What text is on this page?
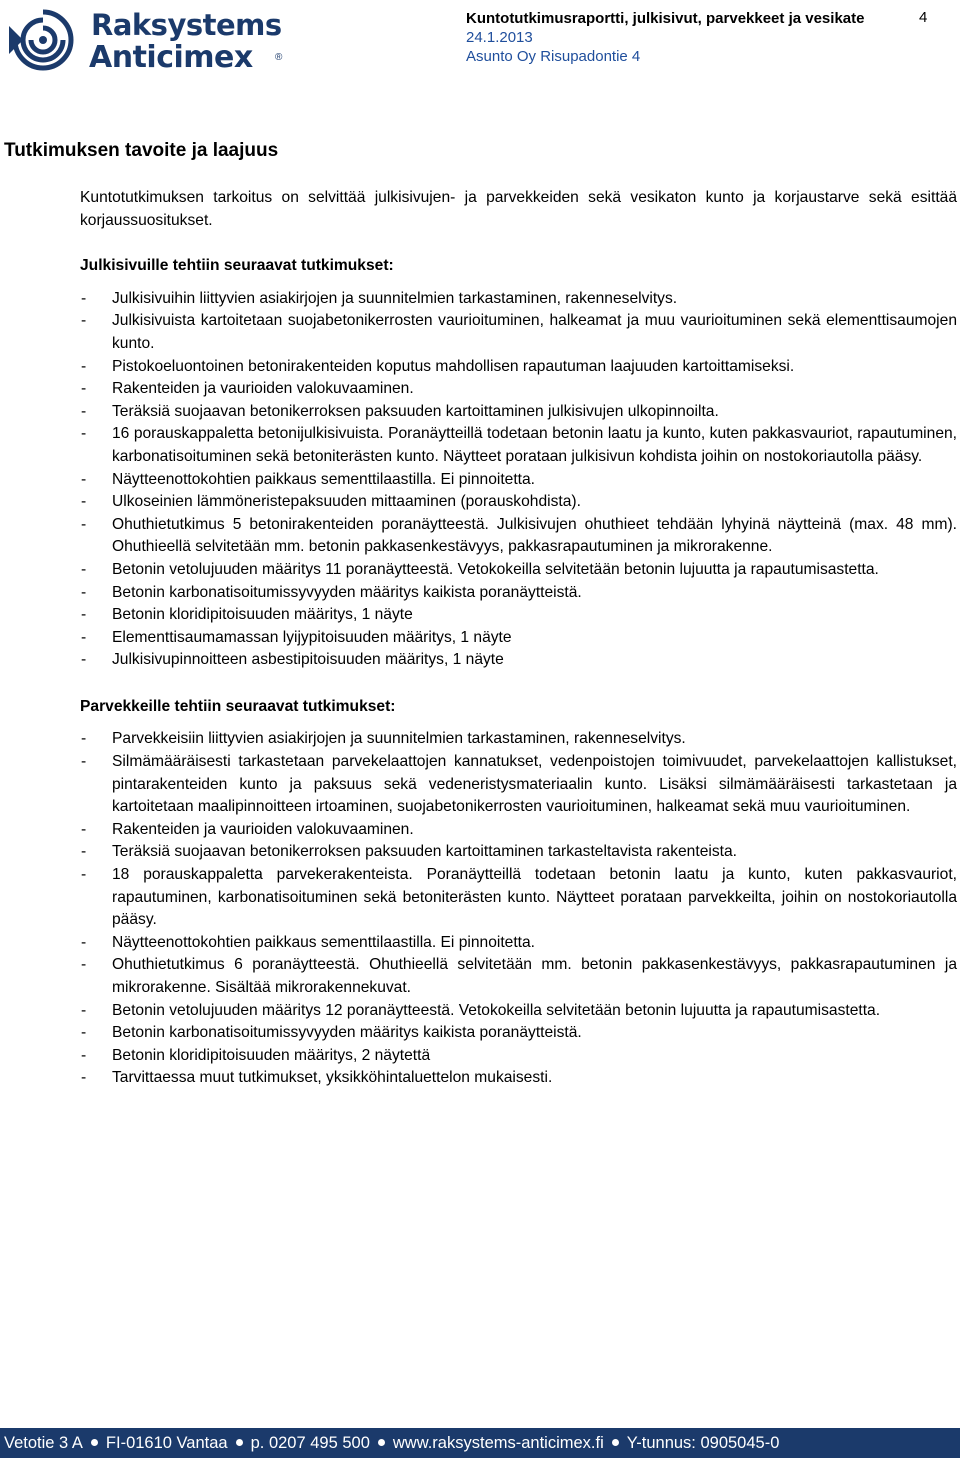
Raksystems
Anticimex ®
Kuntotutkimusraportti, julkisivut, parvekkeet ja vesikate
24.1.2013
Asunto Oy Risupadontie 4
4
Tutkimuksen tavoite ja laajuus

Kuntotutkimuksen tarkoitus on selvittää julkisivujen- ja parvekkeiden sekä vesikaton kunto ja korjaustarve sekä esittää korjaussuositukset.

Julkisivuille tehtiin seuraavat tutkimukset:

- Julkisivuihin liittyvien asiakirjojen ja suunnitelmien tarkastaminen, rakenneselvitys.
- Julkisivuista kartoitetaan suojabetonikerrosten vaurioituminen, halkeamat ja muu vaurioituminen sekä elementtisaumojen kunto.
- Pistokoeluontoinen betonirakenteiden koputus mahdollisen rapautuman laajuuden kartoittamiseksi.
- Rakenteiden ja vaurioiden valokuvaaminen.
- Teräksiä suojaavan betonikerroksen paksuuden kartoittaminen julkisivujen ulkopinnoilta.
- 16 porauskappaletta betonijulkisivuista. Poranäytteillä todetaan betonin laatu ja kunto, kuten pakkasvauriot, rapautuminen, karbonatisoituminen sekä betoniterästen kunto. Näytteet porataan julkisivun kohdista joihin on nostokoriautolla pääsy.
- Näytteenottokohtien paikkaus sementtilaastilla. Ei pinnoitetta.
- Ulkoseinien lämmöneristepaksuuden mittaaminen (porauskohdista).
- Ohuthietutkimus 5 betonirakenteiden poranäytteestä. Julkisivujen ohuthieet tehdään lyhyinä näytteinä (max. 48 mm). Ohuthieellä selvitetään mm. betonin pakkasenkestävyys, pakkasrapautuminen ja mikrorakenne.
- Betonin vetolujuuden määritys 11 poranäytteestä. Vetokokeilla selvitetään betonin lujuutta ja rapautumisastetta.
- Betonin karbonatisoitumissyvyyden määritys kaikista poranäytteistä.
- Betonin kloridipitoisuuden määritys, 1 näyte
- Elementtisaumamassan lyijypitoisuuden määritys, 1 näyte
- Julkisivupinnoitteen asbestipitoisuuden määritys, 1 näyte

Parvekkeille tehtiin seuraavat tutkimukset:

- Parvekkeisiin liittyvien asiakirjojen ja suunnitelmien tarkastaminen, rakenneselvitys.
- Silmämääräisesti tarkastetaan parvekelaattojen kannatukset, vedenpoistojen toimivuudet, parvekelaattojen kallistukset, pintarakenteiden kunto ja paksuus sekä vedeneristysmateriaalin kunto. Lisäksi silmämääräisesti tarkastetaan ja kartoitetaan maalipinnoitteen irtoaminen, suojabetonikerrosten vaurioituminen, halkeamat sekä muu vaurioituminen.
- Rakenteiden ja vaurioiden valokuvaaminen.
- Teräksiä suojaavan betonikerroksen paksuuden kartoittaminen tarkasteltavista rakenteista.
- 18 porauskappaletta parvekerakenteista. Poranäytteillä todetaan betonin laatu ja kunto, kuten pakkasvauriot, rapautuminen, karbonatisoituminen sekä betoniterästen kunto. Näytteet porataan parvekkeilta, joihin on nostokoriautolla pääsy.
- Näytteenottokohtien paikkaus sementtilaastilla. Ei pinnoitetta.
- Ohuthietutkimus 6 poranäytteestä. Ohuthieellä selvitetään mm. betonin pakkasenkestävyys, pakkasrapautuminen ja mikrorakenne. Sisältää mikrorakennekuvat.
- Betonin vetolujuuden määritys 12 poranäytteestä. Vetokokeilla selvitetään betonin lujuutta ja rapautumisastetta.
- Betonin karbonatisoitumissyvyyden määritys kaikista poranäytteistä.
- Betonin kloridipitoisuuden määritys, 2 näytettä
- Tarvittaessa muut tutkimukset, yksikköhintaluettelon mukaisesti.
Vetotie 3 A FI-01610 Vantaa p. 0207 495 500 www.raksystems-anticimex.fi Y-tunnus: 0905045-0
